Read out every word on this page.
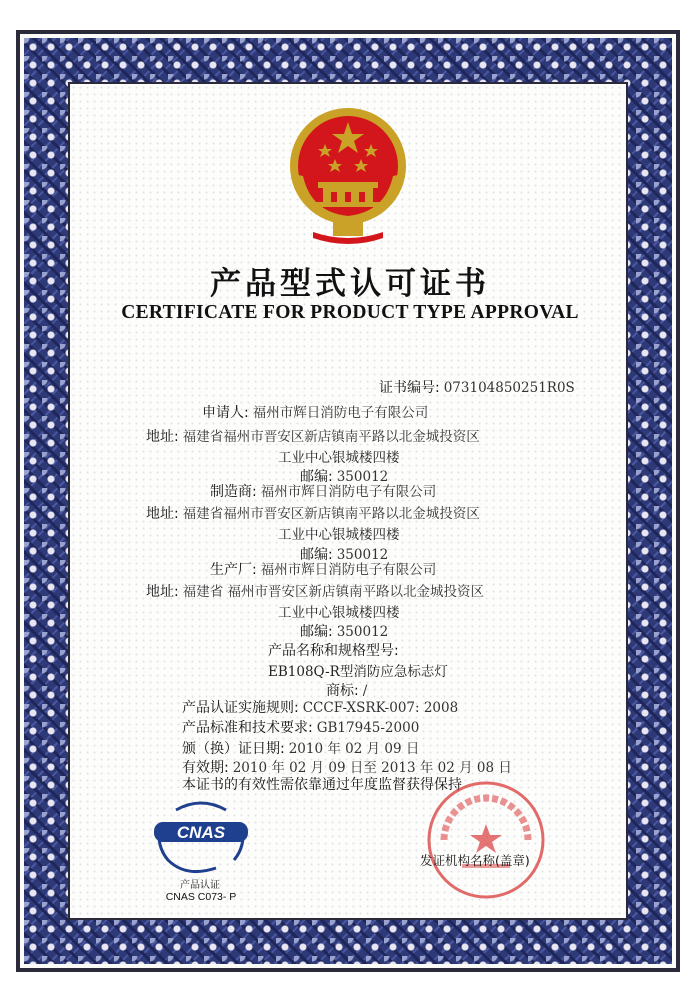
产品型式认可证书
CERTIFICATE FOR PRODUCT TYPE APPROVAL
证书编号: 07310485025​1R0S
申请人: 福州市辉日消防电子有限公司
地址: 福建省福州市晋安区新店镇南平路以北金城投资区
工业中心银城楼四楼
邮编: 350012
制造商: 福州市辉日消防电子有限公司
地址: 福建省福州市晋安区新店镇南平路以北金城投资区
工业中心银城楼四楼
邮编: 350012
生产厂: 福州市辉日消防电子有限公司
地址: 福建省 福州市晋安区新店镇南平路以北金城投资区
工业中心银城楼四楼
邮编: 350012
产品名称和规格型号:
EB108Q-R型消防应急标志灯
商标: /
产品认证实施规则: CCCF-XSRK-007: 2008
产品标准和技术要求: GB17945-2000
颁（换）证日期: 2010 年 02 月 09 日
有效期: 2010 年 02 月 09 日至 2013 年 02 月 08 日
本证书的有效性需依靠通过年度监督获得保持
CNAS
产品认证
CNAS C073- P
发证机构名称(盖章)
